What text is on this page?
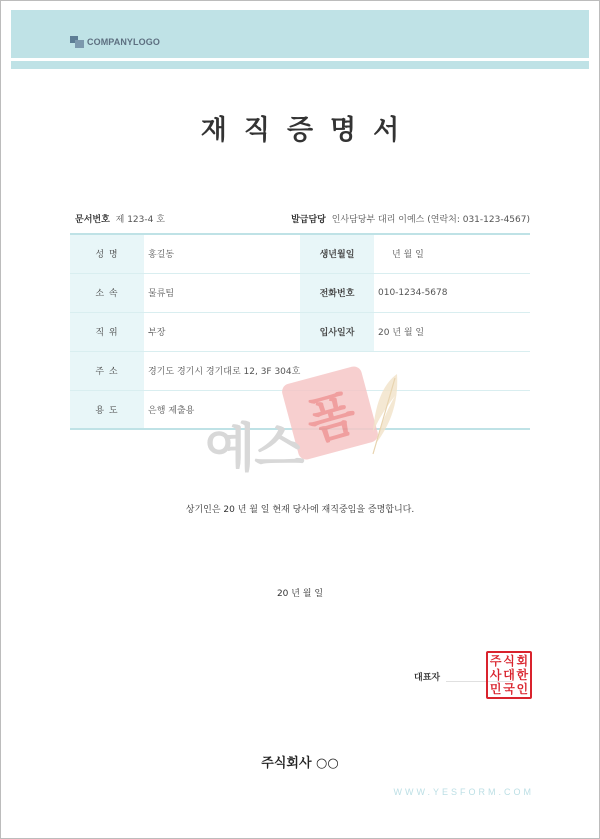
COMPANYLOGO
재직증명서
문서번호 제 123-4 호	발급담당 인사담당부 대리 이예스 (연락처: 031-123-4567)
성 명	홍길동	생년월일	년 월 일
소 속	물류팀	전화번호	010-1234-5678
직 위	부장	입사일자	20 년 월 일
주 소	경기도 경기시 경기대로 12, 3F 304호		
용 도	은행 제출용			폼
예스
상기인은 20 년 월 일 현재 당사에 재직중임을 증명합니다.
20 년 월 일
대표자
주 식 회
사 대 한
민 국 인
주식회사 ○○
WWW.YESFORM.COM
